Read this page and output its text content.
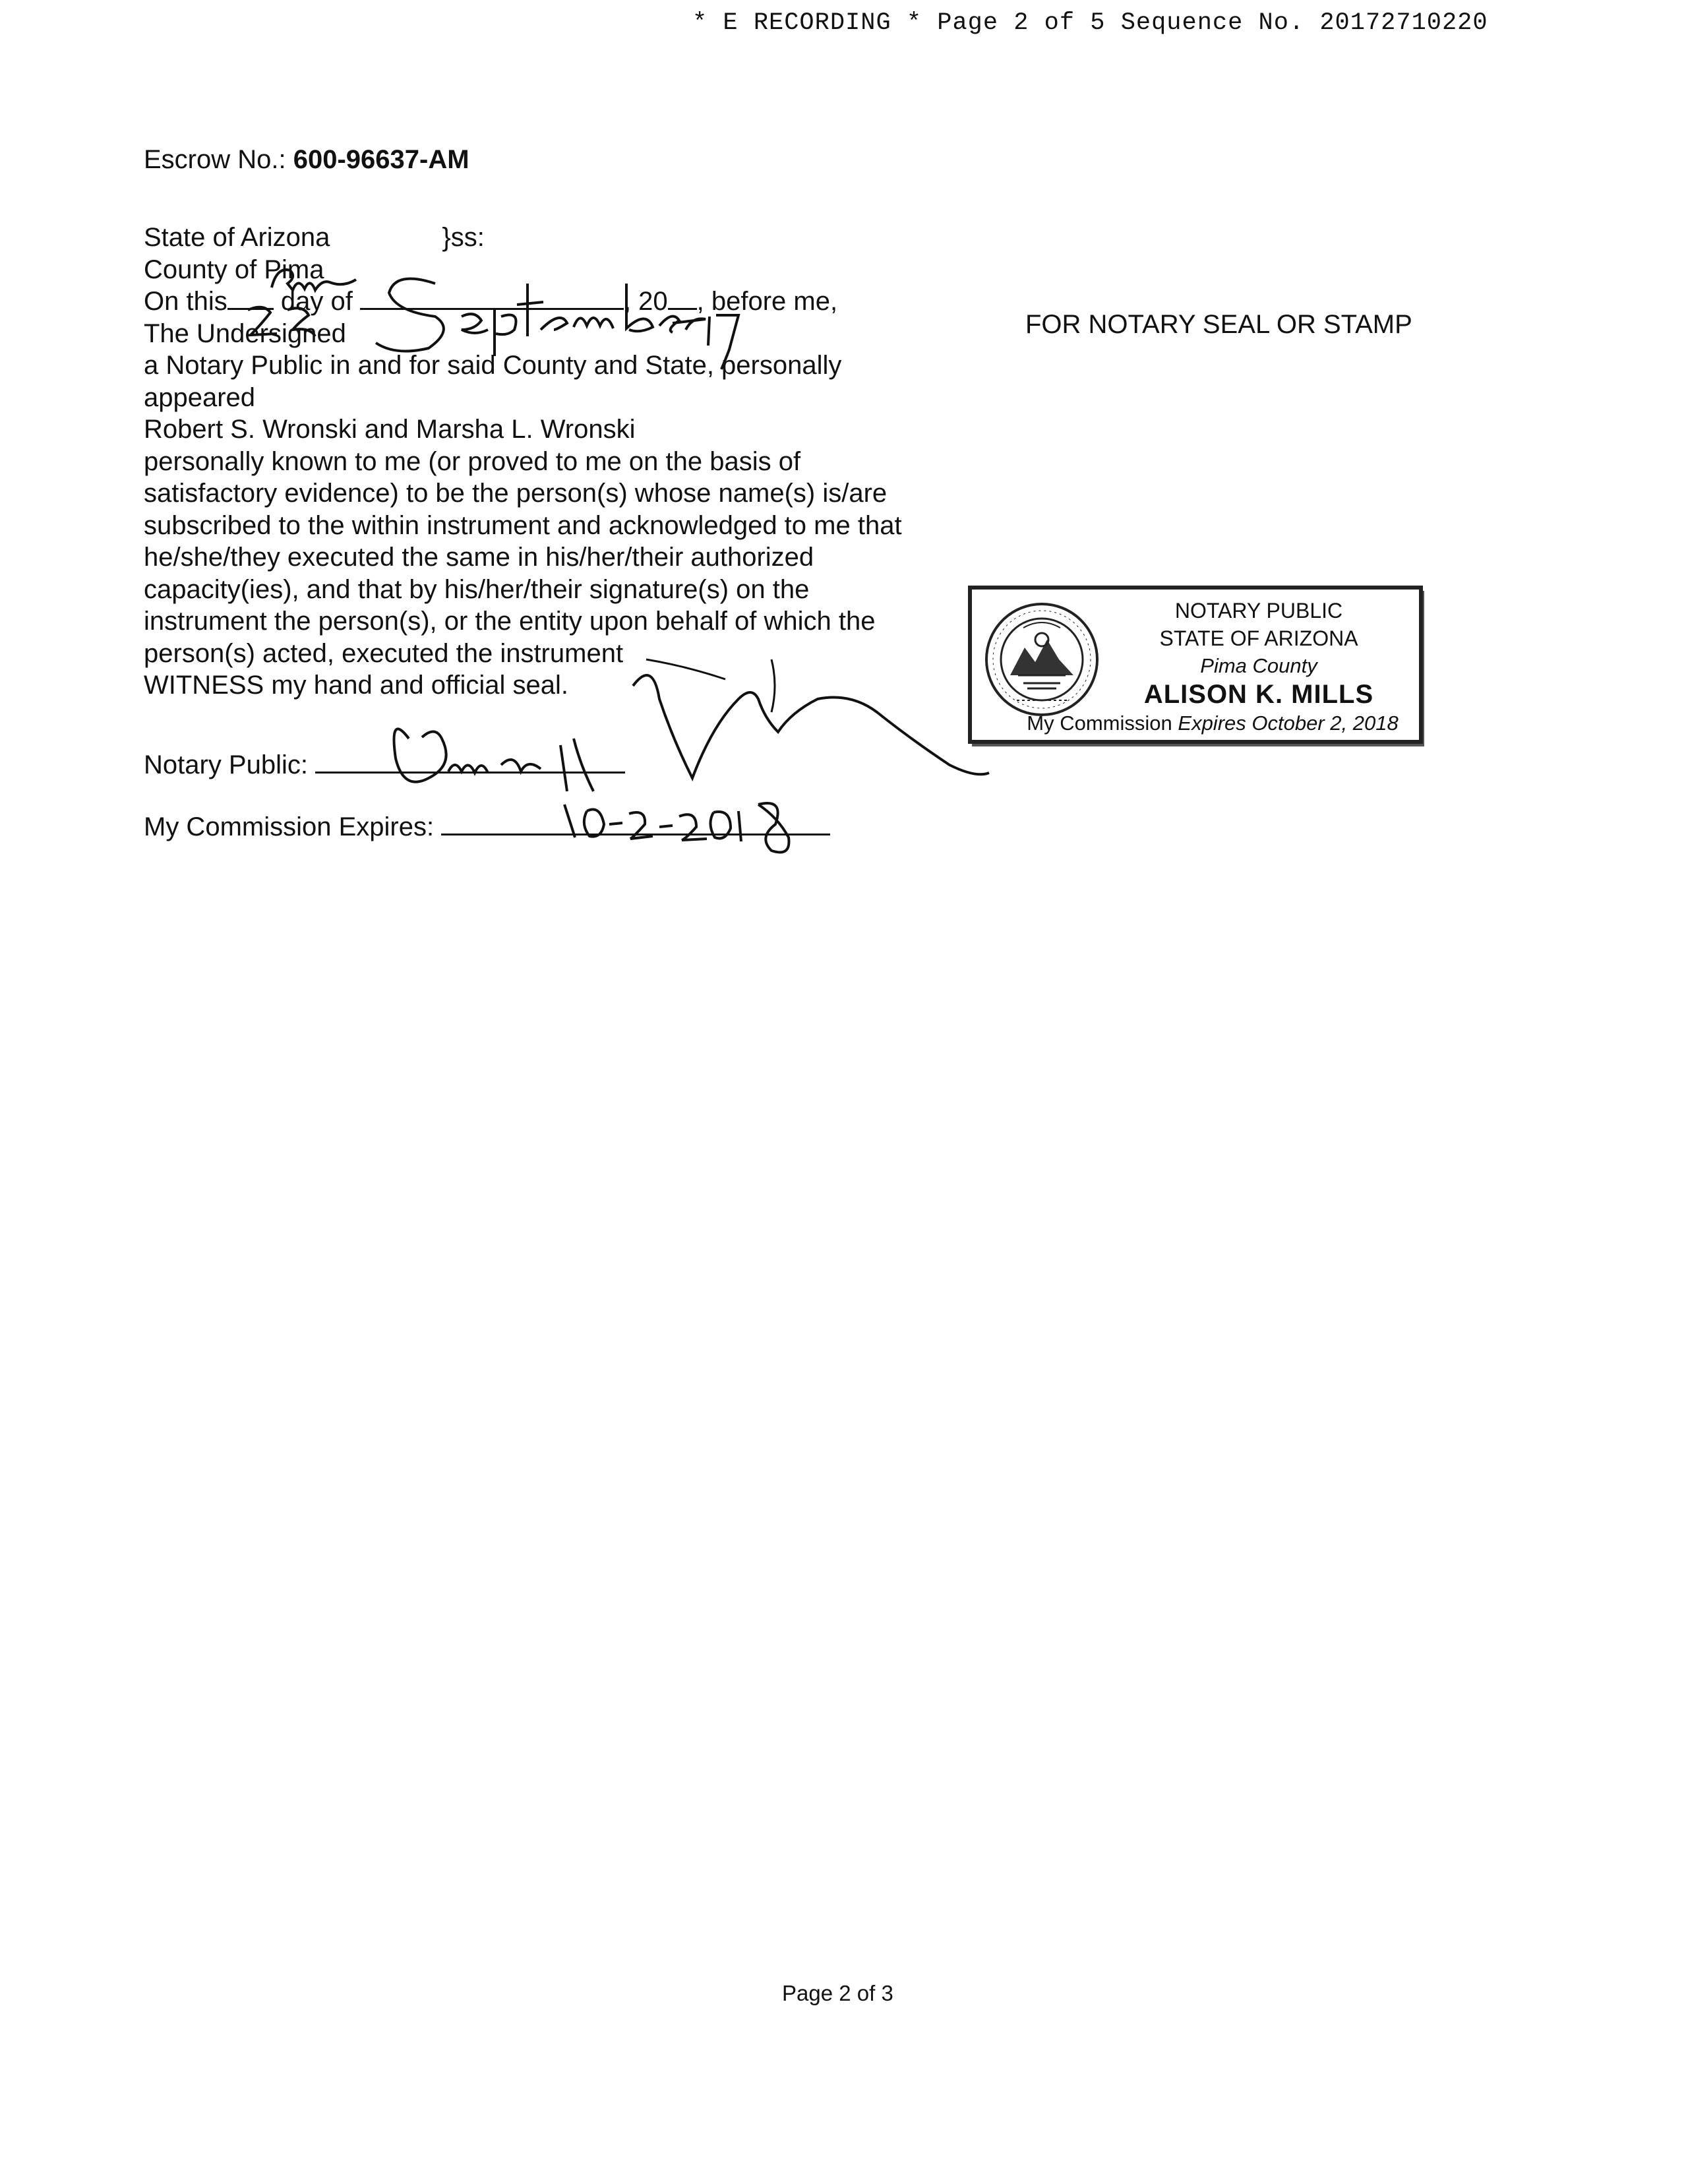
* E RECORDING * Page 2 of 5 Sequence No. 20172710220
Escrow No.: 600-96637-AM
State of Arizona	}ss:
County of Pima
On this day of	, 20 , before me,
The Undersigned
a Notary Public in and for said County and State, personally
appeared
Robert S. Wronski and Marsha L. Wronski
personally known to me (or proved to me on the basis of
satisfactory evidence) to be the person(s) whose name(s) is/are
subscribed to the within instrument and acknowledged to me that
he/she/they executed the same in his/her/their authorized
capacity(ies), and that by his/her/their signature(s) on the
instrument the person(s), or the entity upon behalf of which the
person(s) acted, executed the instrument
WITNESS my hand and official seal.
FOR NOTARY SEAL OR STAMP
NOTARY PUBLIC
STATE OF ARIZONA
Pima County
ALISON K. MILLS
My Commission Expires October 2, 2018
Notary Public:
My Commission Expires:
Page 2 of 3
